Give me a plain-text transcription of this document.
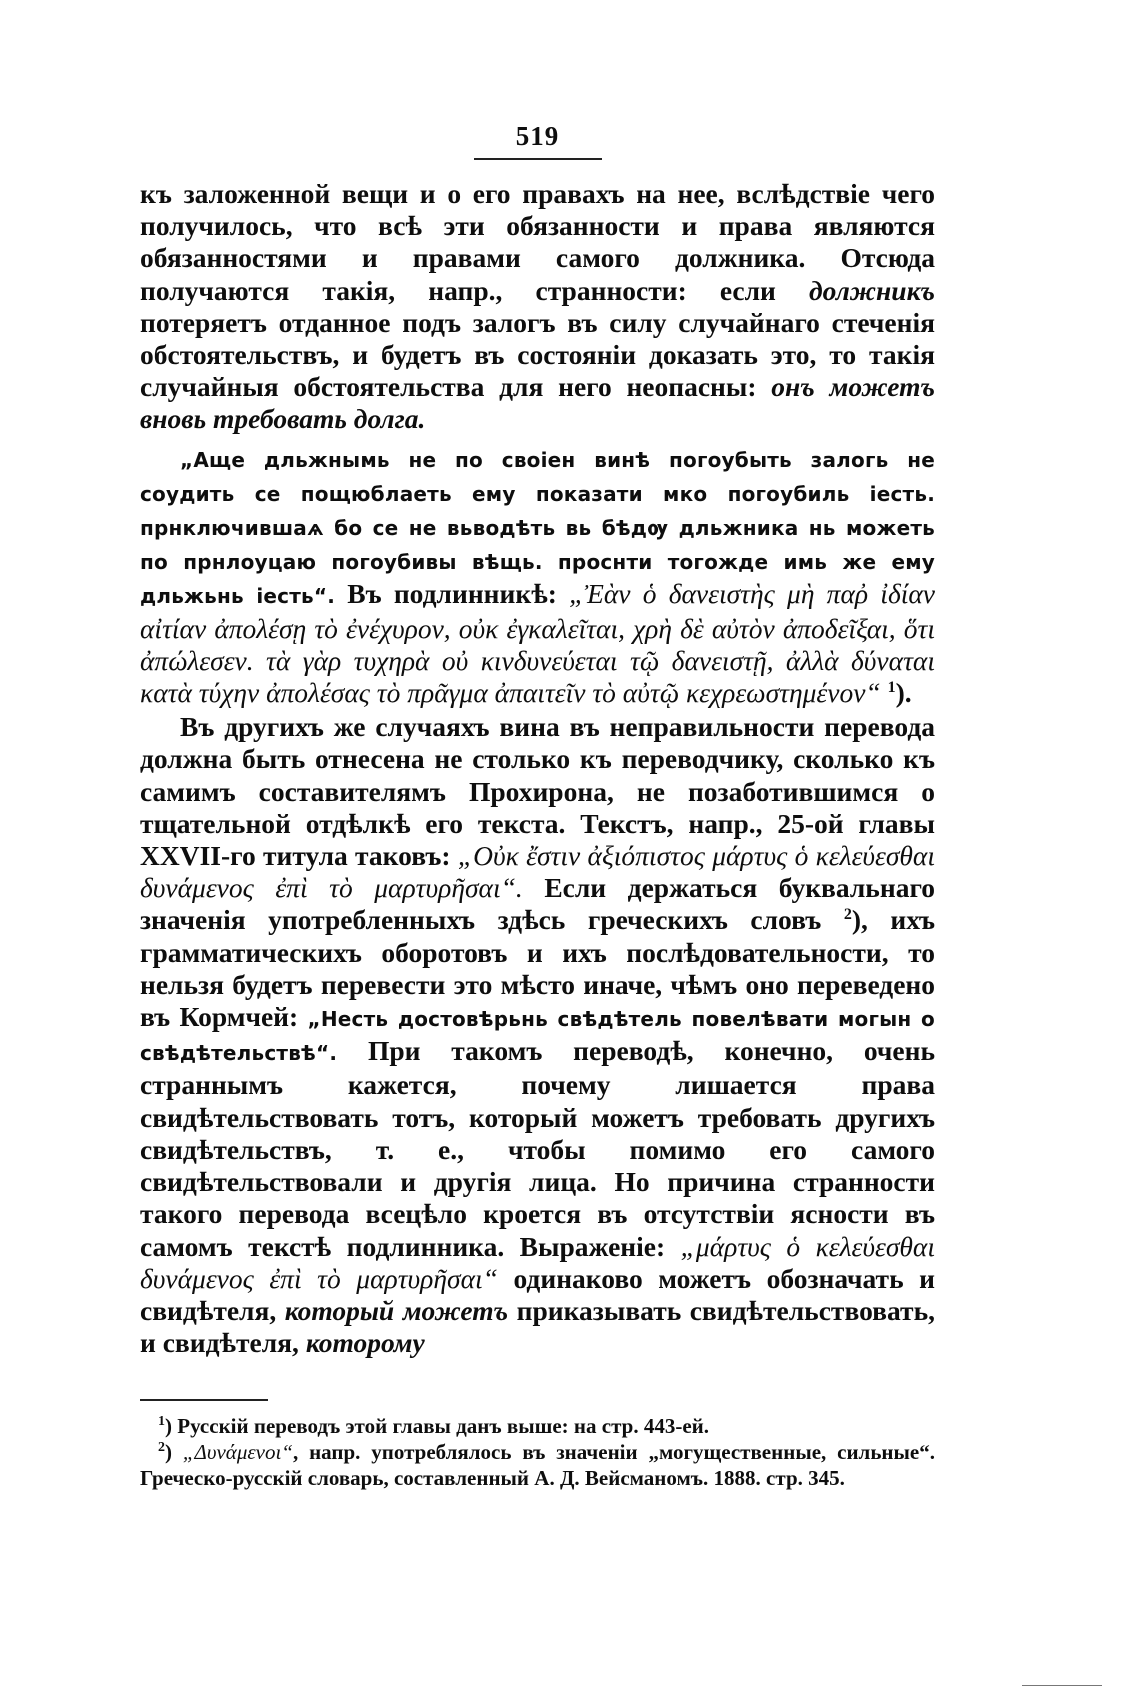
519

къ заложенной вещи и о его правахъ на нее, вслѣдствіе чего получилось, что всѣ эти обязанности и права являются обязанностями и правами самого должника. Отсюда получаются такія, напр., странности: если должникъ потеряетъ отданное подъ залогъ въ силу случайнаго стеченія обстоятельствъ, и будетъ въ состояніи доказать это, то такія случайныя обстоятельства для него неопасны: онъ можетъ вновь требовать долга.

„Аще дльжнымь не по своіен винѣ погоубыть залогь не соудить се пощюблаеть ему показати мко погоубиль іесть. прнключившаѧ бо се не вьводѣть вь бѣдѹ дльжника нь можеть по прнлоуцаю погоубивы вѣщь. проснти тогожде имь же ему дльжьнь іесть“. Въ подлинникѣ: „Ἐὰν ὁ δανειστὴς μὴ παῤ ἰδίαν αἰτίαν ἀπολέσῃ τὸ ἐνέχυρον, οὐκ ἐγκαλεῖται, χρὴ δὲ αὐτὸν ἀποδεῖξαι, ὅτι ἀπώλεσεν. τὰ γὰρ τυχηρὰ οὐ κινδυνεύεται τῷ δανειστῇ, ἀλλὰ δύναται κατὰ τύχην ἀπολέσας τὸ πρᾶγμα ἀπαιτεῖν τὸ αὐτῷ κεχρεωστημένον“ $^1$).

Въ другихъ же случаяхъ вина въ неправильности перевода должна быть отнесена не столько къ переводчику, сколько къ самимъ составителямъ Прохирона, не позаботившимся о тщательной отдѣлкѣ его текста. Текстъ, напр., 25-ой главы XXVII-го титула таковъ: „Οὐκ ἔστιν ἀξιόπιστος μάρτυς ὁ κελεύεσθαι δυνάμενος ἐπὶ τὸ μαρτυρῆσαι“. Если держаться буквальнаго значенія употребленныхъ здѣсь греческихъ словъ $^2$), ихъ грамматическихъ оборотовъ и ихъ послѣдовательности, то нельзя будетъ перевести это мѣсто иначе, чѣмъ оно переведено въ Кормчей: „Несть достовѣрьнь свѣдѣтель повелѣвати могын о свѣдѣтельствѣ“. При такомъ переводѣ, конечно, очень страннымъ кажется, почему лишается права свидѣтельствовать тотъ, который можетъ требовать другихъ свидѣтельствъ, т. е., чтобы помимо его самого свидѣтельствовали и другія лица. Но причина странности такого перевода всецѣло кроется въ отсутствіи ясности въ самомъ текстѣ подлинника. Выраженіе: „μάρτυς ὁ κελεύεσθαι δυνάμενος ἐπὶ τὸ μαρτυρῆσαι“ одинаково можетъ обозначать и свидѣтеля, который можетъ приказывать свидѣтельствовать, и свидѣтеля, которому

$^1$) Русскій переводъ этой главы данъ выше: на стр. 443-ей.

$^2$) „Δυνάμενοι“, напр. употреблялось въ значеніи „могущественные, сильные“. Греческо-русскій словарь, составленный А. Д. Вейсманомъ. 1888. стр. 345.
